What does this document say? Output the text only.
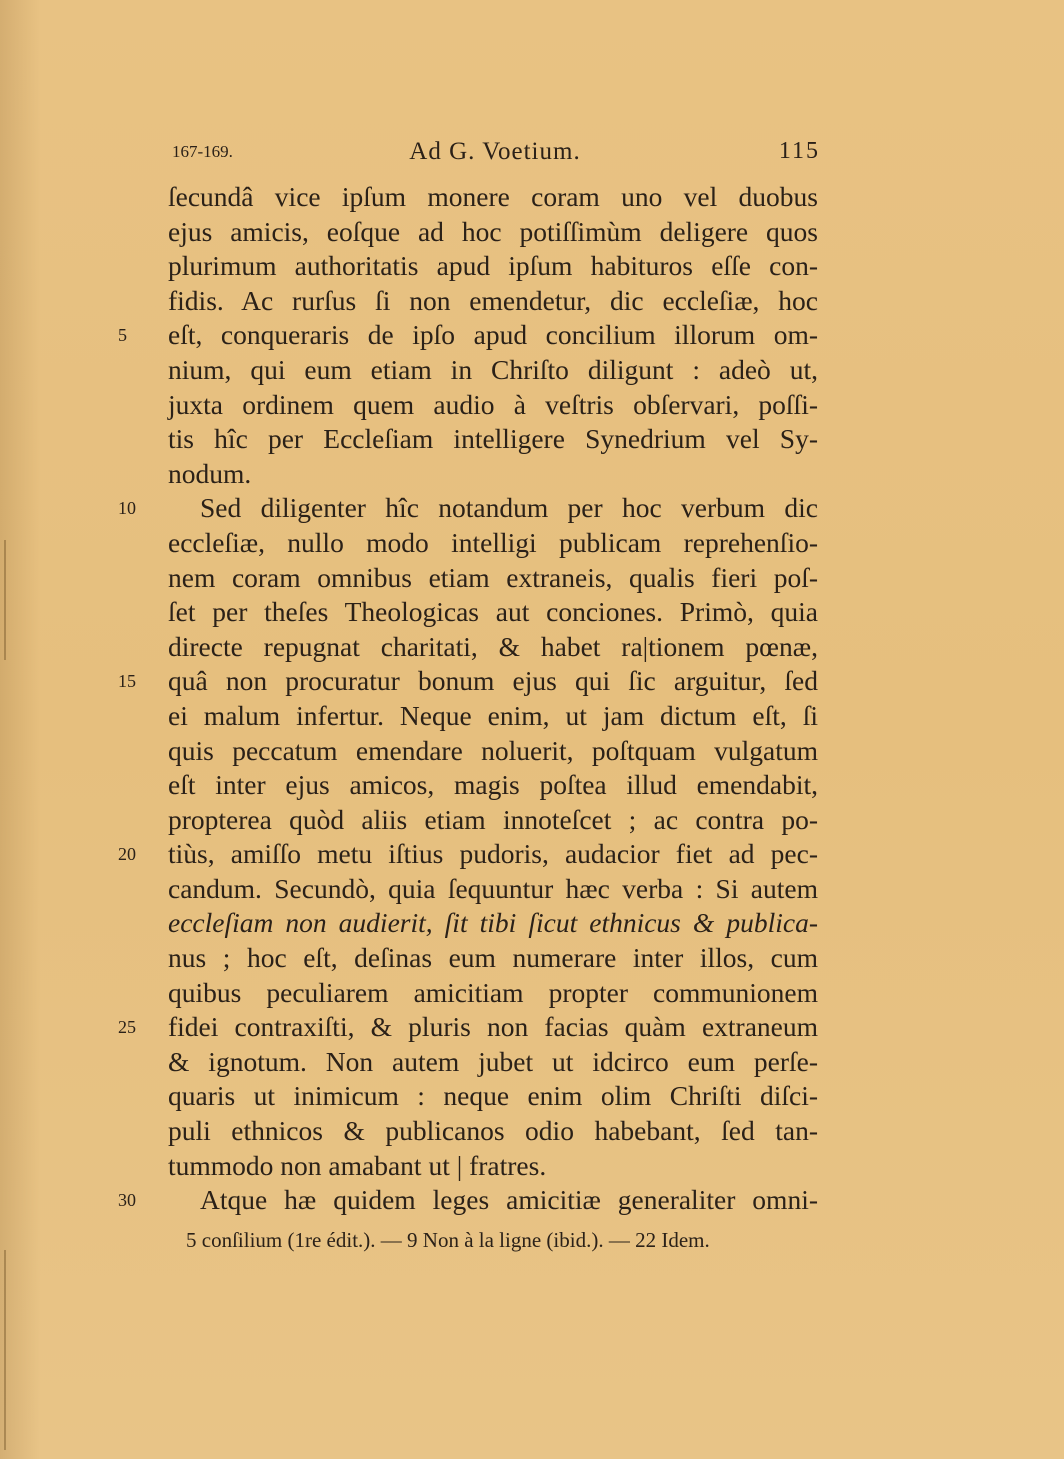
167-169.	Ad G. Voetium.	115
ſecundâ vice ipſum monere coram uno vel duobus
ejus amicis, eoſque ad hoc potiſſimùm deligere quos
plurimum authoritatis apud ipſum habituros eſſe con-
fidis. Ac rurſus ſi non emendetur, dic eccleſiæ, hoc
5	eſt, conqueraris de ipſo apud concilium illorum om-
nium, qui eum etiam in Chriſto diligunt : adeò ut,
juxta ordinem quem audio à veſtris obſervari, poſſi-
tis hîc per Eccleſiam intelligere Synedrium vel Sy-
nodum.
10	Sed diligenter hîc notandum per hoc verbum dic
eccleſiæ, nullo modo intelligi publicam reprehenſio-
nem coram omnibus etiam extraneis, qualis fieri poſ-
ſet per theſes Theologicas aut conciones. Primò, quia
directe repugnat charitati, & habet ra|tionem pœnæ,
15	quâ non procuratur bonum ejus qui ſic arguitur, ſed
ei malum infertur. Neque enim, ut jam dictum eſt, ſi
quis peccatum emendare noluerit, poſtquam vulgatum
eſt inter ejus amicos, magis poſtea illud emendabit,
propterea quòd aliis etiam innoteſcet ; ac contra po-
20	tiùs, amiſſo metu iſtius pudoris, audacior fiet ad pec-
candum. Secundò, quia ſequuntur hæc verba : Si autem
eccleſiam non audierit, ſit tibi ſicut ethnicus & publica-
nus ; hoc eſt, deſinas eum numerare inter illos, cum
quibus peculiarem amicitiam propter communionem
25	fidei contraxiſti, & pluris non facias quàm extraneum
& ignotum. Non autem jubet ut idcirco eum perſe-
quaris ut inimicum : neque enim olim Chriſti diſci-
puli ethnicos & publicanos odio habebant, ſed tan-
tummodo non amabant ut | fratres.
30	Atque hæ quidem leges amicitiæ generaliter omni-
5 conſilium (1re édit.). — 9 Non à la ligne (ibid.). — 22 Idem.
